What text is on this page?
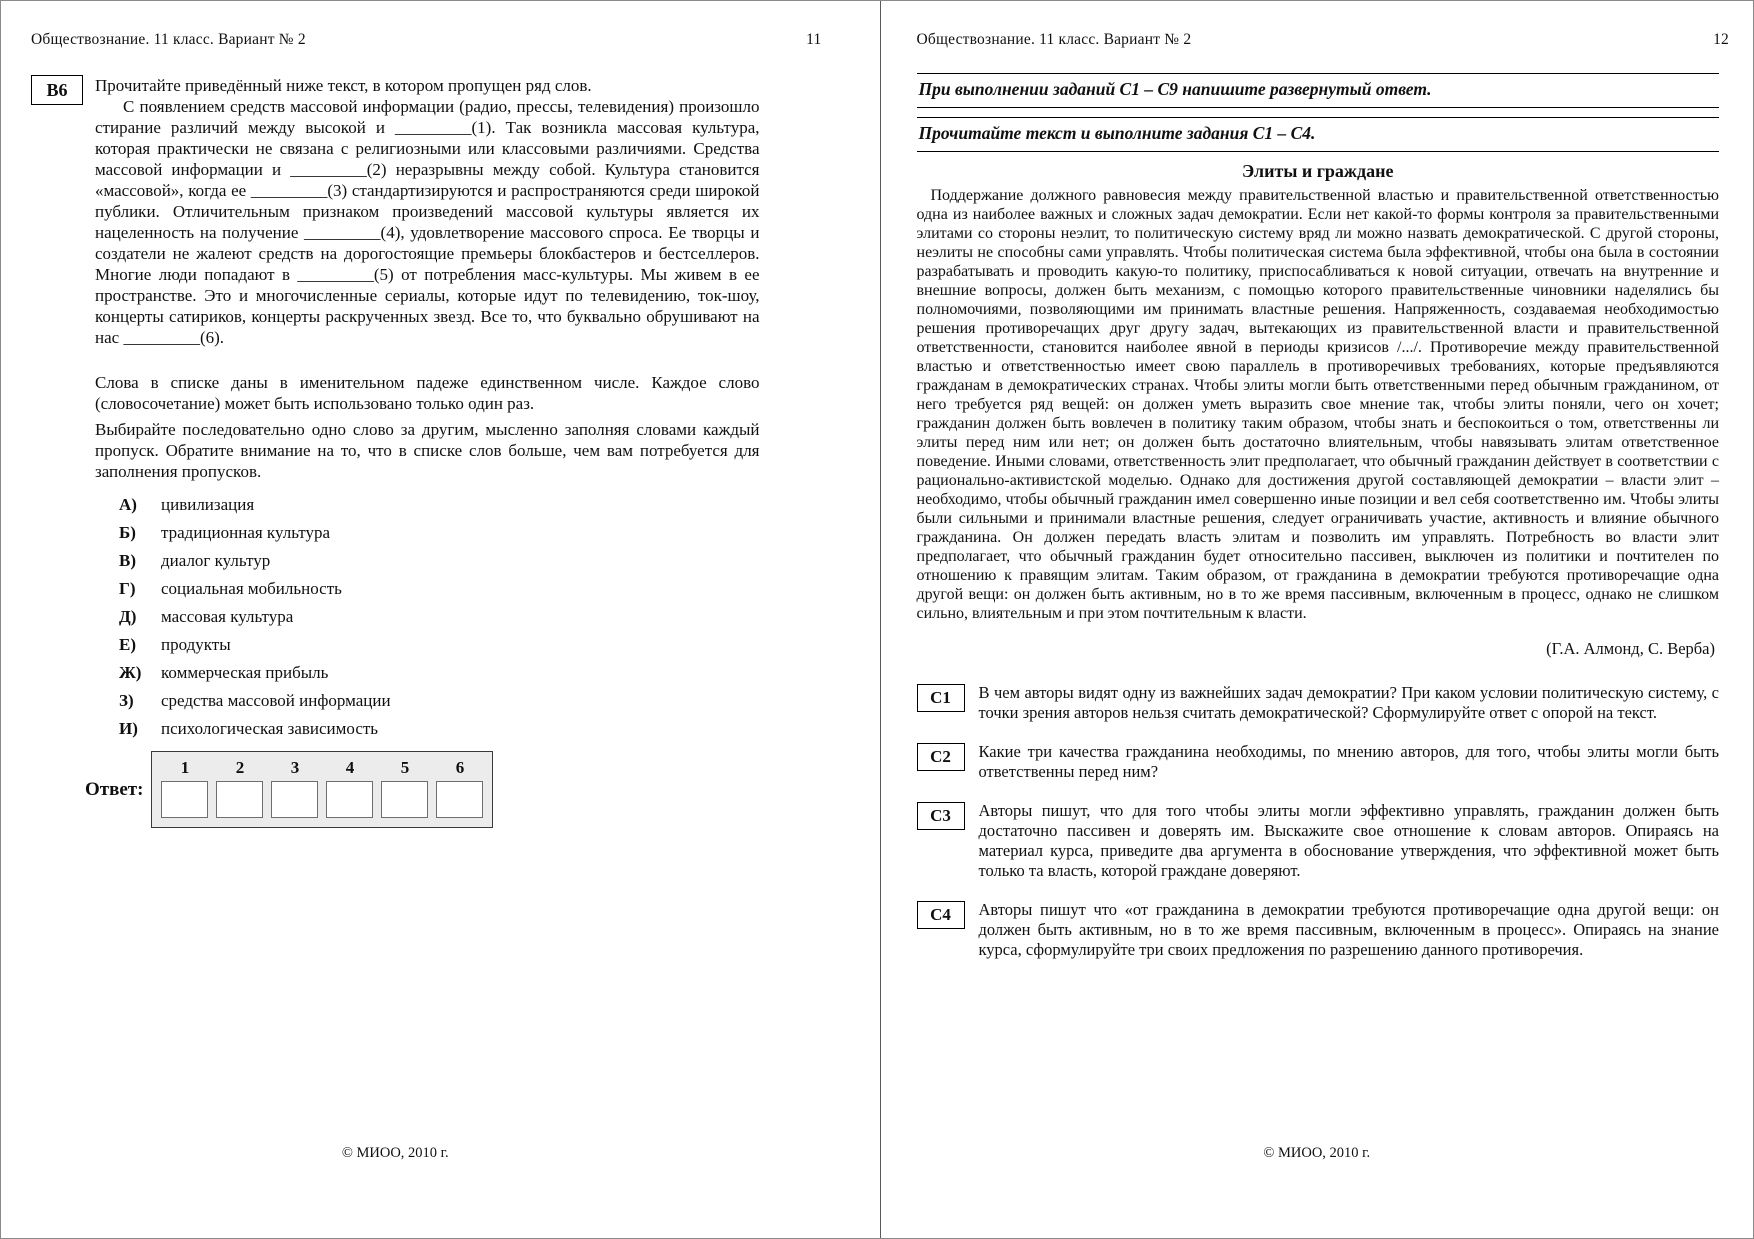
Обществознание. 11 класс. Вариант № 2	11
В6	Прочитайте приведённый ниже текст, в котором пропущен ряд слов.

С появлением средств массовой информации (радио, прессы, телевидения) произошло стирание различий между высокой и _________(1). Так возникла массовая культура, которая практически не связана с религиозными или классовыми различиями. Средства массовой информации и _________(2) неразрывны между собой. Культура становится «массовой», когда ее _________(3) стандартизируются и распространяются среди широкой публики. Отличительным признаком произведений массовой культуры является их нацеленность на получение _________(4), удовлетворение массового спроса. Ее творцы и создатели не жалеют средств на дорогостоящие премьеры блокбастеров и бестселлеров. Многие люди попадают в _________(5) от потребления масс-культуры. Мы живем в ее пространстве. Это и многочисленные сериалы, которые идут по телевидению, ток-шоу, концерты сатириков, концерты раскрученных звезд. Все то, что буквально обрушивают на нас _________(6).

Слова в списке даны в именительном падеже единственном числе. Каждое слово (словосочетание) может быть использовано только один раз.

Выбирайте последовательно одно слово за другим, мысленно заполняя словами каждый пропуск. Обратите внимание на то, что в списке слов больше, чем вам потребуется для заполнения пропусков.

А)	цивилизация
Б)	традиционная культура
В)	диалог культур
Г)	социальная мобильность
Д)	массовая культура
Е)	продукты
Ж)	коммерческая прибыль
З)	средства массовой информации
И)	психологическая зависимость
Ответ:
1	2	3	4	5	6
© МИОО, 2010 г.
Обществознание. 11 класс. Вариант № 2	12
При выполнении заданий С1 – С9 напишите развернутый ответ.
Прочитайте текст и выполните задания С1 – С4.
Элиты и граждане

Поддержание должного равновесия между правительственной властью и правительственной ответственностью одна из наиболее важных и сложных задач демократии. Если нет какой-то формы контроля за правительственными элитами со стороны неэлит, то политическую систему вряд ли можно назвать демократической. С другой стороны, неэлиты не способны сами управлять. Чтобы политическая система была эффективной, чтобы она была в состоянии разрабатывать и проводить какую-то политику, приспосабливаться к новой ситуации, отвечать на внутренние и внешние вопросы, должен быть механизм, с помощью которого правительственные чиновники наделялись бы полномочиями, позволяющими им принимать властные решения. Напряженность, создаваемая необходимостью решения противоречащих друг другу задач, вытекающих из правительственной власти и правительственной ответственности, становится наиболее явной в периоды кризисов /.../. Противоречие между правительственной властью и ответственностью имеет свою параллель в противоречивых требованиях, которые предъявляются гражданам в демократических странах. Чтобы элиты могли быть ответственными перед обычным гражданином, от него требуется ряд вещей: он должен уметь выразить свое мнение так, чтобы элиты поняли, чего он хочет; гражданин должен быть вовлечен в политику таким образом, чтобы знать и беспокоиться о том, ответственны ли элиты перед ним или нет; он должен быть достаточно влиятельным, чтобы навязывать элитам ответственное поведение. Иными словами, ответственность элит предполагает, что обычный гражданин действует в соответствии с рационально-активистской моделью. Однако для достижения другой составляющей демократии – власти элит – необходимо, чтобы обычный гражданин имел совершенно иные позиции и вел себя соответственно им. Чтобы элиты были сильными и принимали властные решения, следует ограничивать участие, активность и влияние обычного гражданина. Он должен передать власть элитам и позволить им управлять. Потребность во власти элит предполагает, что обычный гражданин будет относительно пассивен, выключен из политики и почтителен по отношению к правящим элитам. Таким образом, от гражданина в демократии требуются противоречащие одна другой вещи: он должен быть активным, но в то же время пассивным, включенным в процесс, однако не слишком сильно, влиятельным и при этом почтительным к власти.

(Г.А. Алмонд, С. Верба)

С1	В чем авторы видят одну из важнейших задач демократии? При каком условии политическую систему, с точки зрения авторов нельзя считать демократической? Сформулируйте ответ с опорой на текст.
С2	Какие три качества гражданина необходимы, по мнению авторов, для того, чтобы элиты могли быть ответственны перед ним?
С3	Авторы пишут, что для того чтобы элиты могли эффективно управлять, гражданин должен быть достаточно пассивен и доверять им. Выскажите свое отношение к словам авторов. Опираясь на материал курса, приведите два аргумента в обоснование утверждения, что эффективной может быть только та власть, которой граждане доверяют.
С4	Авторы пишут что «от гражданина в демократии требуются противоречащие одна другой вещи: он должен быть активным, но в то же время пассивным, включенным в процесс». Опираясь на знание курса, сформулируйте три своих предложения по разрешению данного противоречия.
© МИОО, 2010 г.
